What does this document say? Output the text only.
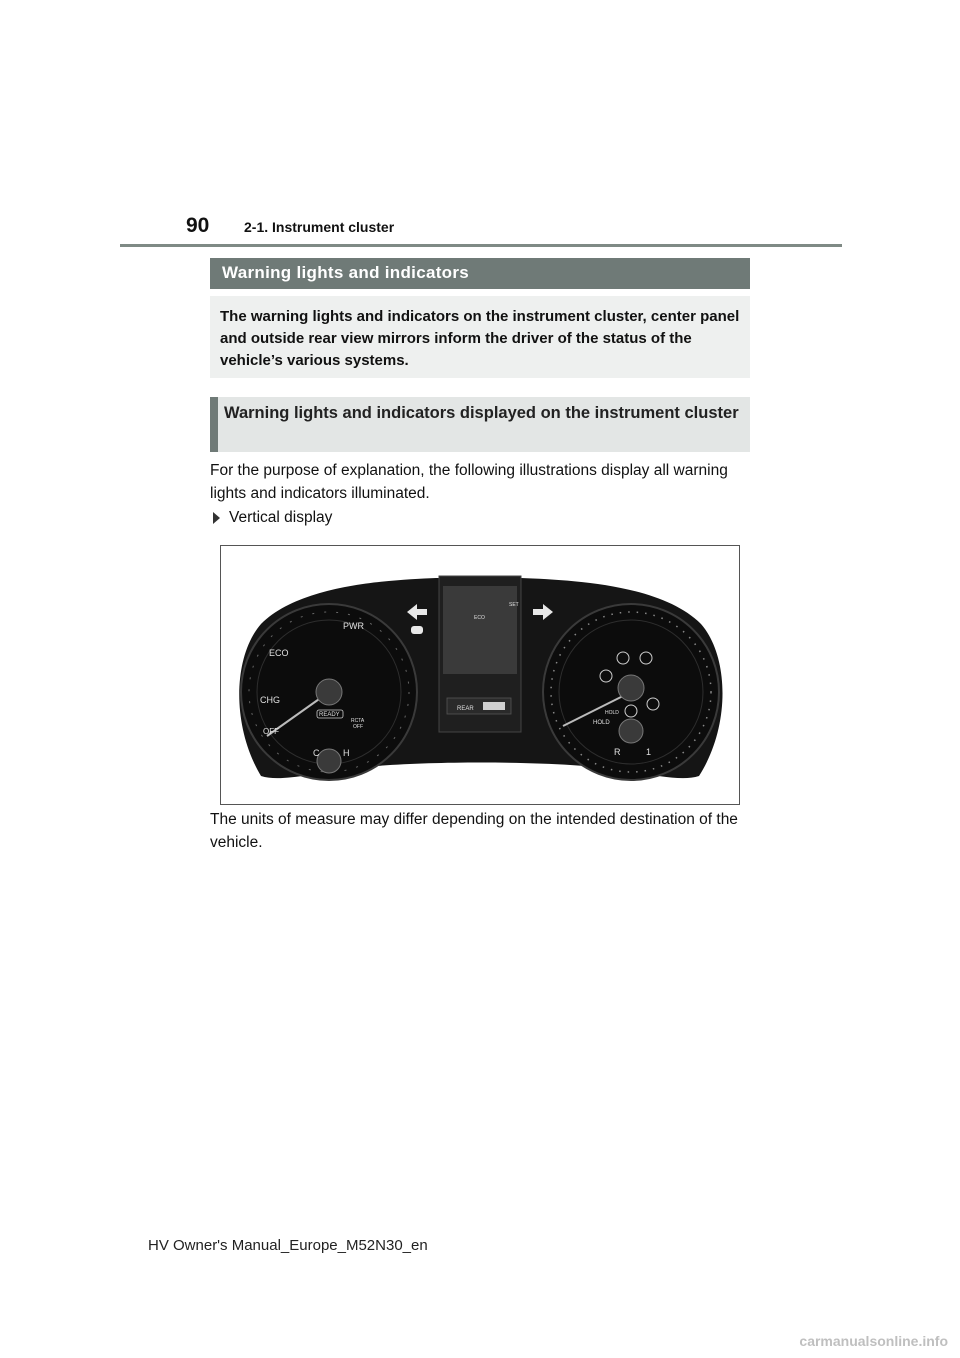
90 2-1. Instrument cluster
Warning lights and indicators
The warning lights and indicators on the instrument cluster, center panel and outside rear view mirrors inform the driver of the status of the vehicle’s various systems.
Warning lights and indicators displayed on the instrument cluster
For the purpose of explanation, the following illustrations display all warning lights and indicators illuminated.
Vertical display
PWR
ECO
CHG
OFF
READY
C	H
RCTA
OFF
ECO
SET
REAR
HOLD
HOLD
R	1
The units of measure may differ depending on the intended destination of the vehicle.
HV Owner's Manual_Europe_M52N30_en
carmanualsonline.info
